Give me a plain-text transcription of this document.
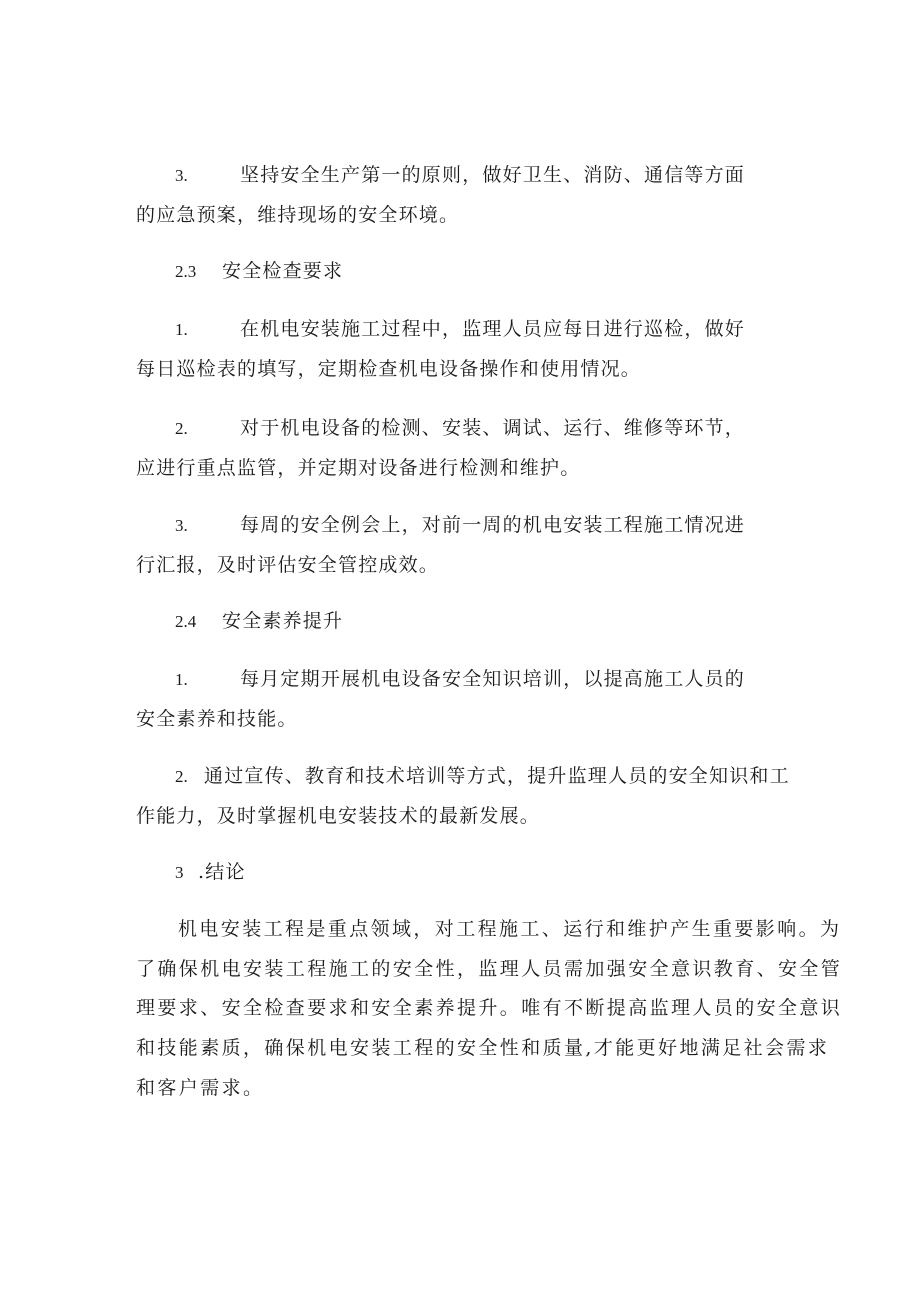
3.	坚持安全生产第一的原则，做好卫生、消防、通信等方面
的应急预案，维持现场的安全环境。
2.3 安全检查要求
1.	在机电安装施工过程中，监理人员应每日进行巡检，做好
每日巡检表的填写，定期检查机电设备操作和使用情况。
2.	对于机电设备的检测、安装、调试、运行、维修等环节，
应进行重点监管，并定期对设备进行检测和维护。
3.	每周的安全例会上，对前一周的机电安装工程施工情况进
行汇报，及时评估安全管控成效。
2.4 安全素养提升
1.	每月定期开展机电设备安全知识培训，以提高施工人员的
安全素养和技能。
2. 通过宣传、教育和技术培训等方式，提升监理人员的安全知识和工
作能力，及时掌握机电安装技术的最新发展。
3 .结论
机电安装工程是重点领域，对工程施工、运行和维护产生重要影响。为
了确保机电安装工程施工的安全性，监理人员需加强安全意识教育、安全管
理要求、安全检查要求和安全素养提升。唯有不断提高监理人员的安全意识
和技能素质，确保机电安装工程的安全性和质量,才能更好地满足社会需求
和客户需求。
